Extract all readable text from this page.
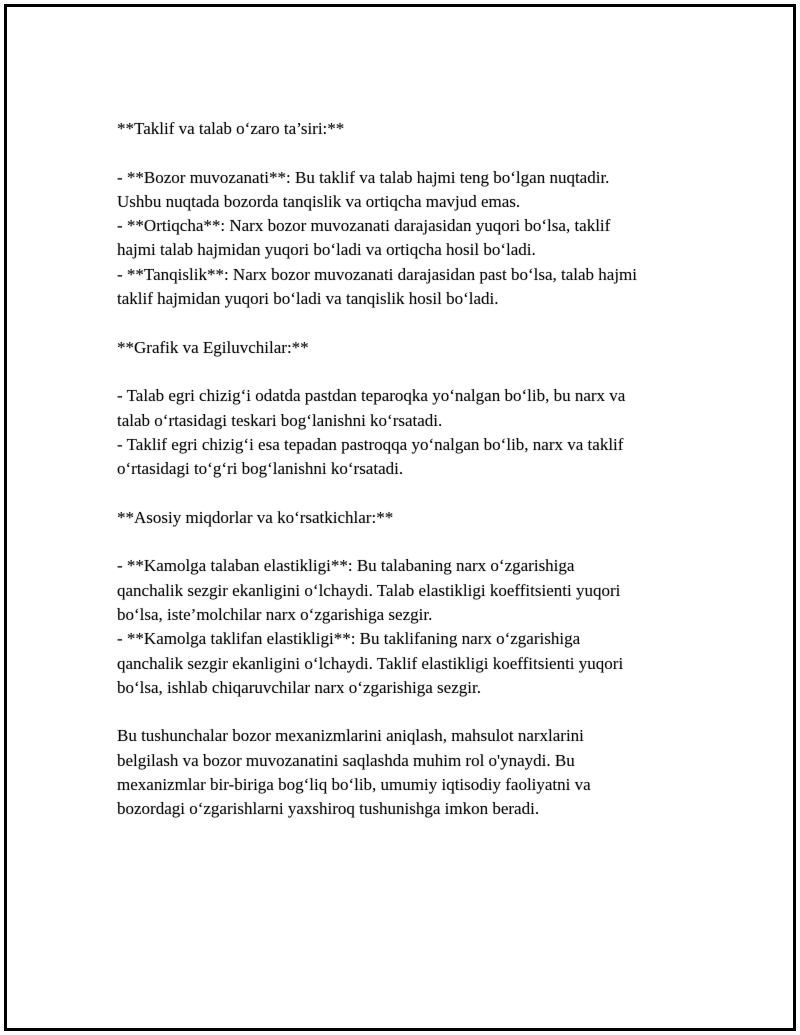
**Taklif va talab o‘zaro ta’siri:**
- **Bozor muvozanati**: Bu taklif va talab hajmi teng bo‘lgan nuqtadir.
Ushbu nuqtada bozorda tanqislik va ortiqcha mavjud emas.
- **Ortiqcha**: Narx bozor muvozanati darajasidan yuqori bo‘lsa, taklif
hajmi talab hajmidan yuqori bo‘ladi va ortiqcha hosil bo‘ladi.
- **Tanqislik**: Narx bozor muvozanati darajasidan past bo‘lsa, talab hajmi
taklif hajmidan yuqori bo‘ladi va tanqislik hosil bo‘ladi.
**Grafik va Egiluvchilar:**
- Talab egri chizig‘i odatda pastdan teparoqka yo‘nalgan bo‘lib, bu narx va
talab o‘rtasidagi teskari bog‘lanishni ko‘rsatadi.
- Taklif egri chizig‘i esa tepadan pastroqqa yo‘nalgan bo‘lib, narx va taklif
o‘rtasidagi to‘g‘ri bog‘lanishni ko‘rsatadi.
**Asosiy miqdorlar va ko‘rsatkichlar:**
- **Kamolga talaban elastikligi**: Bu talabaning narx o‘zgarishiga
qanchalik sezgir ekanligini o‘lchaydi. Talab elastikligi koeffitsienti yuqori
bo‘lsa, iste’molchilar narx o‘zgarishiga sezgir.
- **Kamolga taklifan elastikligi**: Bu taklifaning narx o‘zgarishiga
qanchalik sezgir ekanligini o‘lchaydi. Taklif elastikligi koeffitsienti yuqori
bo‘lsa, ishlab chiqaruvchilar narx o‘zgarishiga sezgir.
Bu tushunchalar bozor mexanizmlarini aniqlash, mahsulot narxlarini
belgilash va bozor muvozanatini saqlashda muhim rol o'ynaydi. Bu
mexanizmlar bir-biriga bog‘liq bo‘lib, umumiy iqtisodiy faoliyatni va
bozordagi o‘zgarishlarni yaxshiroq tushunishga imkon beradi.
